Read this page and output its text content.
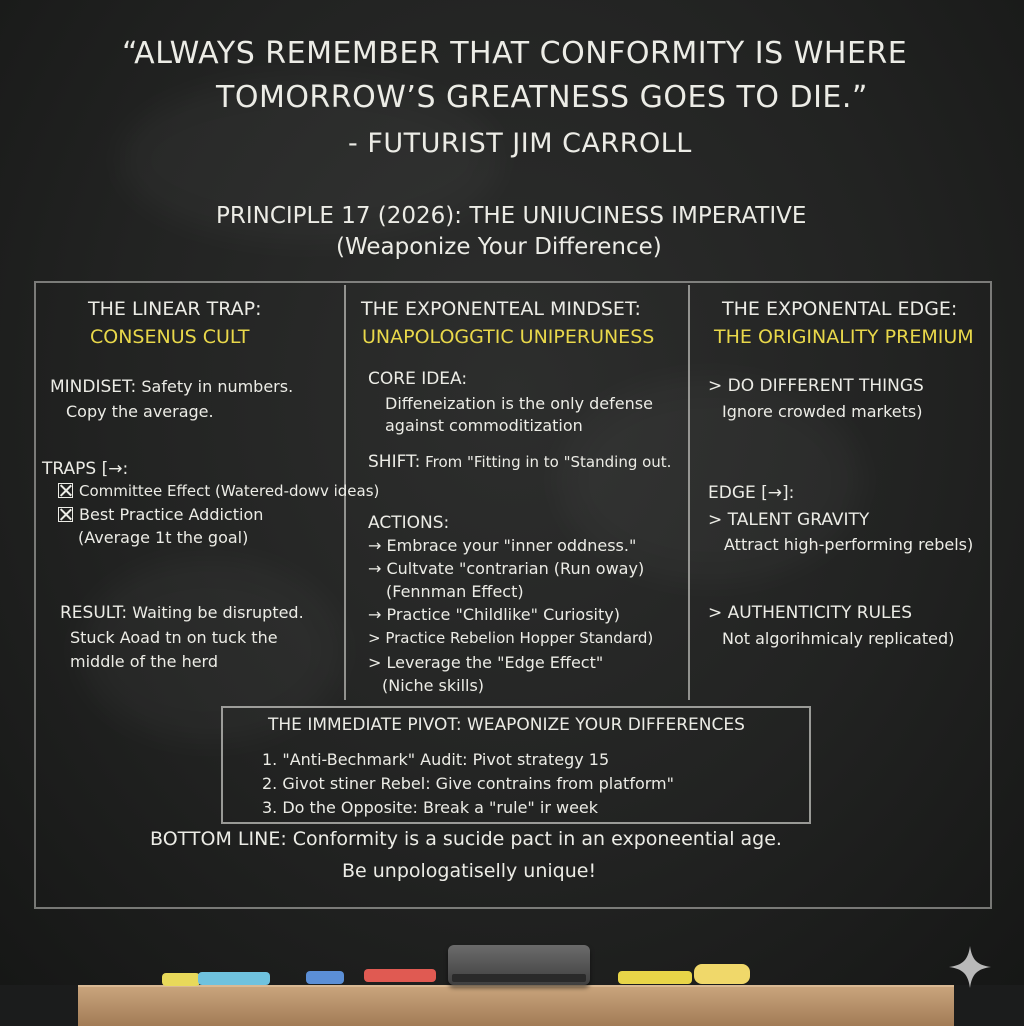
“ALWAYS REMEMBER THAT CONFORMITY IS WHERE
TOMORROW’S GREATNESS GOES TO DIE.”
- FUTURIST JIM CARROLL
PRINCIPLE 17 (2026): THE UNIUCINESS IMPERATIVE
(Weaponize Your Difference)
THE LINEAR TRAP:
CONSENUS CULT
MINDISET: Safety in numbers.
Copy the average.
TRAPS [→:
Committee Effect (Watered-dowv ideas)
Best Practice Addiction
(Average 1t the goal)
RESULT: Waiting be disrupted.
Stuck Aoad tn on tuck the
middle of the herd
THE EXPONENTEAL MINDSET:
UNAPOLOGGTIC UNIPERUNESS
CORE IDEA:
Diffeneization is the only defense
against commoditization
SHIFT: From "Fitting in to "Standing out.
ACTIONS:
→ Embrace your "inner oddness."
→ Cultvate "contrarian (Run oway)
(Fennman Effect)
→ Practice "Childlike" Curiosity)
> Practice Rebelion Hopper Standard)
> Leverage the "Edge Effect"
(Niche skills)
THE EXPONENTAL EDGE:
THE ORIGINALITY PREMIUM
> DO DIFFERENT THINGS
Ignore crowded markets)
EDGE [→]:
> TALENT GRAVITY
Attract high-performing rebels)
> AUTHENTICITY RULES
Not algorihmicaly replicated)
THE IMMEDIATE PIVOT: WEAPONIZE YOUR DIFFERENCES
1. "Anti-Bechmark" Audit: Pivot strategy 15
2. Givot stiner Rebel: Give contrains from platform"
3. Do the Opposite: Break a "rule" ir week
BOTTOM LINE: Conformity is a sucide pact in an exponeential age.
Be unpologatiselly unique!
